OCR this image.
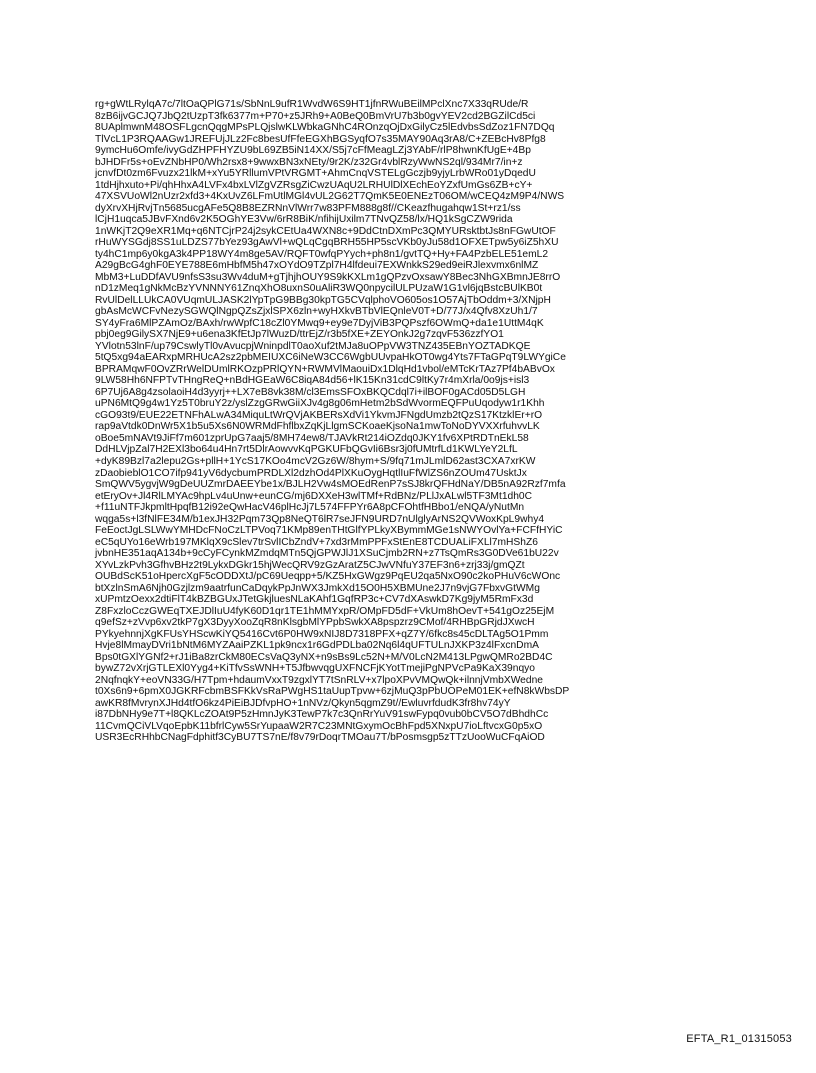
rg+gWtLRylqA7c/7ltOaQPlG71s/SbNnL9ufR1WvdW6S9HT1jfnRWuBEilMPclXnc7X33qRUde/R
8zB6ijvGCJQ7JbQ2tUzpT3fk6377m+P70+z5JRh9+A0BeQ0BmVrU7b3b0gvYEV2cd2BGZilCd5ci
8UAplmwnM48OSFLgcnQqgMPsPLQjslwKLWbkaGNhC4ROnzqOjDxGilyCz5lEdvbsSdZoz1FN7DQq
TlVcL1P3RQAAGw1JREFUjJLz2Fc8besUfFfeEGXhBGSyqfO7s35MAY90Aq3rA8/C+ZEBcHv8Pfg8
9ymcHu6Omfe/ivyGdZHPFHYZU9bL69ZB5iN14XX/S5j7cFfMeagLZj3YAbF/rlP8hwnKfUgE+4Bp
bJHDFr5s+oEvZNbHP0/Wh2rsx8+9wwxBN3xNEty/9r2K/z32Gr4vblRzyWwNS2ql/934Mr7/in+z
jcnvfDt0zm6Fvuzx21lkM+xYu5YRllumVPtVRGMT+AhmCnqVSTELgGczjb9yjyLrbWRo01yDqedU
1tdHjhxuto+Pi/qhHhxA4LVFx4bxLVlZgVZRsgZiCwzUAqU2LRHUlDlXEchEoYZxfUmGs6ZB+cY+
47XSVUoWl2nUzr2xfd3+4KxUvZ6LFmUtlMGl4vUL2G62T7QmK5E0ENEzT06OM/wCEQ4zM9P4/NWS
dyXrvXHjRvjTn5685ucgAFe5Q8B8EZRNnVlWrr7w83PFM888g8f//CKeazfhugahqw1St+rz1/ss
lCjH1uqca5JBvFXnd6v2K5OGhYE3Vw/6rR8BiK/nfihijUxilm7TNvQZ58/lx/HQ1kSgCZW9rida
1nWKjT2Q9eXR1Mq+q6NTCjrP24j2sykCEtUa4WXN8c+9DdCtnDXmPc3QMYURsktbtJs8nFGwUtOF
rHuWYSGdj8SS1uLDZS77bYez93gAwVl+wQLqCgqBRH55HP5scVKb0yJu58d1OFXETpw5y6iZ5hXU
ty4hC1mp6y0kgA3k4PP18WY4m8ge5AV/RQFT0wfqPYych+ph8n1/gvtTQ+Hy+FA4PzbELE51emL2
A29gBcG4ghF0EYE788E6mHbfM5h47xOYdO9TZpl7H4lfdeui7EXWnkkS29ed9eiRJlexvmx6nlMZ
MbM3+LuDDfAVU9nfsS3su3Wv4duM+gTjhjhOUY9S9kKXLm1gQPzvOxsawY8Bec3NhGXBmnJE8rrO
nD1zMeq1gNkMcBzYVNNNY61ZnqXhO8uxnS0uAliR3WQ0npycilULPUzaW1G1vl6jqBstcBUlKB0t
RvUlDelLLUkCA0VUqmULJASK2lYpTpG9BBg30kpTG5CVqlphoVO605os1O57AjTbOddm+3/XNjpH
gbAsMcWCFvNezySGWQlNgpQZsZjxlSPX6zln+wyHXkvBTbVlEQnleV0T+D/77J/x4Qfv8XzUh1/7
SY4yFra6MlPZAmOz/BAxh/rwWpfC18cZl0YMwq9+ey9e7DyjViB3PQPszf6OWmQ+da1e1UttM4qK
pbj0eg9GilySX7NjE9+u6ena3KfEtJp7lWuzD/ttrEjZ/r3b5fXE+ZEYOnkJ2g7zqvF536zzfYO1
YVlotn53lnF/up79CswlyTl0vAvucpjWninpdlT0aoXuf2tMJa8uOPpVW3TNZ435EBnYOZTADKQE
5tQ5xg94aEARxpMRHUcA2sz2pbMEIUXC6iNeW3CC6WgbUUvpaHkOT0wg4Yts7FTaGPqT9LWYgiCe
BPRAMqwF0OvZRrWelDUmlRKOzpPRlQYN+RWMVlMaouiDx1DlqHd1vbol/eMTcKrTAz7Pf4bABvOx
9LW58Hh6NFPTvTHngReQ+nBdHGEaW6C8iqA84d56+lK15Kn31cdC9ltKy7r4mXrla/0o9js+isl3
6P7Uj6A8g4zsolaoiH4d3yyrj++LX7eB8vk38M/cl3EmsSFOxBKQCdql7i+ilBOF0gACd05D5LGH
uPN6MtQ9g4w1Yz5T0bruY2z/yslZzgGRwGiiXJv4g8g06mHetm2bSdWvormEQFPuUqodyw1r1Khh
cGO93t9/EUE22ETNFhALwA34MiquLtWrQVjAKBERsXdVi1YkvmJFNgdUmzb2tQzS17KtzklEr+rO
rap9aVtdk0DnWr5X1b5u5Xs6N0WRMdFhflbxZqKjLlgmSCKoaeKjsoNa1mwToNoDYVXXrfuhvvLK
oBoe5mNAVt9JiFf7m601zprUpG7aaj5/8MH74ew8/TJAVkRt214iOZdq0JKY1fv6XPtRDTnEkL58
DdHLVjpZal7H2EXl3bo64u4Hn7rt5DlrAowvvKqPGKUFbQGvIi6Bsr3j0fUMtrfLd1KWLYeY2LfL
+dyK89Bzl7a2lepu2Gs+pllH+1YcS17KOo4mcV2Gz6W/8hym+S/9fq71mJLmlD62ast3CXA7xrKW
zDaobieblO1CO7ifp941yV6dycbumPRDLXl2dzhOd4PlXKuOygHqtlIuFfWlZS6nZOUm47UsktJx
SmQWV5ygvjW9gDeUUZmrDAEEYbe1x/BJLH2Vw4sMOEdRenP7sSJ8krQFHdNaY/DB5nA92Rzf7mfa
etEryOv+Jl4RlLMYAc9hpLv4uUnw+eunCG/mj6DXXeH3wlTMf+RdBNz/PLlJxALwl5TF3Mt1dh0C
+f11uNTFJkpmltHpqfB12i92eQwHacV46plHcJj7L574FFPYr6A8pCFOhtfHBbo1/eNQA/yNutMn
wqga5s+l3fNlFE34M/b1exJH32Pqm73Qp8NeQT6lR7seJFN9URD7nUlglyArNS2QVWoxKpL9why4
FeEoctJgLSLWwYMHDcFNoCzLTPVoq71KMp89enTHtGlfYPLkyXBymmMGe1sNWYOvlYa+FCFfHYiC
eC5qUYo16eWrb197MKlqX9cSlev7trSvlICbZndV+7xd3rMmPPFxStEnE8TCDUALiFXLl7mHShZ6
jvbnHE351aqA134b+9cCyFCynkMZmdqMTn5QjGPWJlJ1XSuCjmb2RN+z7TsQmRs3G0DVe61bU22v
XYvLzkPvh3GfhvBHz2t9LykxDGkr15hjWecQRV9zGzAratZ5CJwVNfuY37EF3n6+zrj33j/gmQZt
OUBdScK51oHpercXgF5cODDXtJ/pC69Ueqpp+5/KZ5HxGWgz9PqEU2qa5NxO90c2koPHuV6cWOnc
btXzlnSmA6Njh0Gzjlzm9aatrfunCaDqykPpJnWX3JmkXd15O0H5XBMUne2J7n9vjG7FbxvGtWMg
xUPmtzOexx2dtiFlT4kBZBGUxJTetGkjluesNLaKAhf1GqfRP3c+CV7dXAswkD7Kg9jyM5RmFx3d
Z8FxzloCczGWEqTXEJDlIuU4fyK60D1qr1TE1hMMYxpR/OMpFD5dF+VkUm8hOevT+541gOz25EjM
q9efSz+zVvp6xv2tkP7gX3DyyXooZqR8nKlsgbMlYPpbSwkXA8pspzrz9CMof/4RHBpGRjdJXwcH
PYkyehnnjXgKFUsYHScwKiYQ5416Cvt6P0HW9xNIJ8D7318PFX+qZ7Y/6fkc8s45cDLTAg5O1Pmm
Hvje8lMmayDVri1bNtM6MYZAaiPZKL1pk9ncx1r6GdPDLba02Nq6l4qUFTULnJXKP3z4lFxcnDmA
Bps0tGXlYGNf2+rJ1iBa8zrCkM80ECsVaQ3yNX+n9sBs9Lc52N+M/V0LcN2M413LPgwQMRo2BD4C
bywZ72vXrjGTLEXl0Yyg4+KiTfvSsWNH+T5JfbwvqgUXFNCFjKYotTmejiPgNPVcPa9KaX39nqyo
2NqfnqkY+eoVN33G/H7Tpm+hdaumVxxT9zgxlYT7tSnRLV+x7lpoXPvVMQwQk+ilnnjVmbXWedne
t0Xs6n9+6pmX0JGKRFcbmBSFKkVsRaPWgHS1taUupTpvw+6zjMuQ3pPbUOPeM01EK+efN8kWbsDP
awKR8fMvrynXJHd4tfO6kz4PiEiBJDfvpHO+1nNVz/Qkyn5qgmZ9t//EwluvrfdudK3fr8hv74yY
i87DbNHy9e7T+l8QKLcZOAt9P5zHmnJyK3TewP7k7c3QnRrYuV91swFypq0vub0bCV5O7dBhdhCc
11CvmQCiVLVqoEpbK11bfrlCyw5SrYupaaW2R7C23MNtGxymOcBhFpd5XNxpU7ioLftvcxG0p5xO
USR3EcRHhbCNagFdphitf3CyBU7TS7nE/f8v79rDoqrTMOau7T/bPosmsgp5zTTzUooWuCFqAiOD
EFTA_R1_01315053
